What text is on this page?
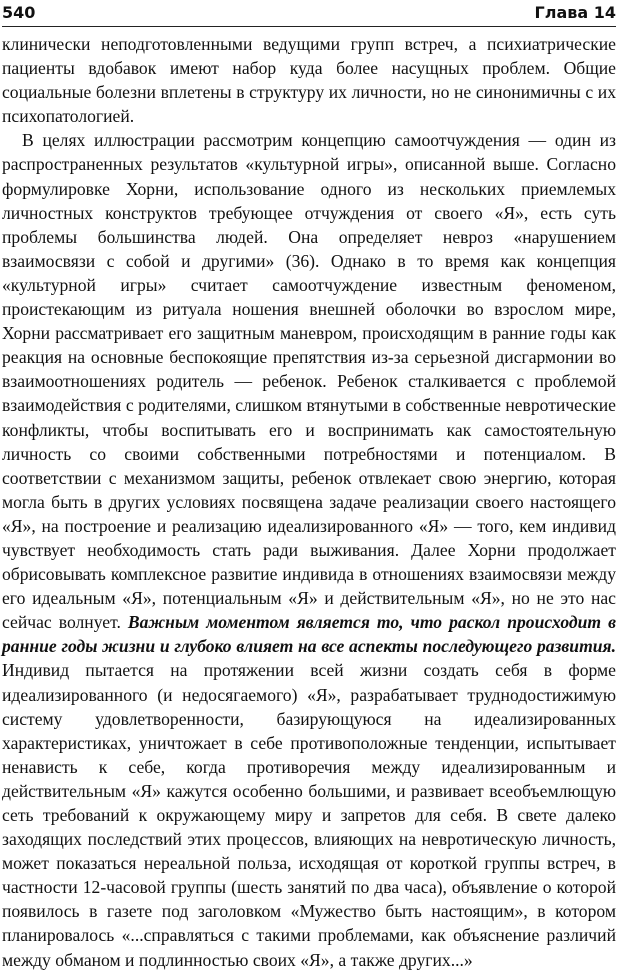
540	Глава 14

клинически неподготовленными ведущими групп встреч, а психиатрические пациенты вдобавок имеют набор куда более насущных проблем. Общие социальные болезни вплетены в структуру их личности, но не синонимичны с их психопатологией.

В целях иллюстрации рассмотрим концепцию самоотчуждения — один из распространенных результатов «культурной игры», описанной выше. Согласно формулировке Хорни, использование одного из нескольких приемлемых личностных конструктов требующее отчуждения от своего «Я», есть суть проблемы большинства людей. Она определяет невроз «нарушением взаимосвязи с собой и другими» (36). Однако в то время как концепция «культурной игры» считает самоотчуждение известным феноменом, проистекающим из ритуала ношения внешней оболочки во взрослом мире, Хорни рассматривает его защитным маневром, происходящим в ранние годы как реакция на основные беспокоящие препятствия из-за серьезной дисгармонии во взаимоотношениях родитель — ребенок. Ребенок сталкивается с проблемой взаимодействия с родителями, слишком втянутыми в собственные невротические конфликты, чтобы воспитывать его и воспринимать как самостоятельную личность со своими собственными потребностями и потенциалом. В соответствии с механизмом защиты, ребенок отвлекает свою энергию, которая могла быть в других условиях посвящена задаче реализации своего настоящего «Я», на построение и реализацию идеализированного «Я» — того, кем индивид чувствует необходимость стать ради выживания. Далее Хорни продолжает обрисовывать комплексное развитие индивида в отношениях взаимосвязи между его идеальным «Я», потенциальным «Я» и действительным «Я», но не это нас сейчас волнует. Важным моментом является то, что раскол происходит в ранние годы жизни и глубоко влияет на все аспекты последующего развития. Индивид пытается на протяжении всей жизни создать себя в форме идеализированного (и недосягаемого) «Я», разрабатывает труднодостижимую систему удовлетворенности, базирующуюся на идеализированных характеристиках, уничтожает в себе противоположные тенденции, испытывает ненависть к себе, когда противоречия между идеализированным и действительным «Я» кажутся особенно большими, и развивает всеобъемлющую сеть требований к окружающему миру и запретов для себя. В свете далеко заходящих последствий этих процессов, влияющих на невротическую личность, может показаться нереальной польза, исходящая от короткой группы встреч, в частности 12-часовой группы (шесть занятий по два часа), объявление о которой появилось в газете под заголовком «Мужество быть настоящим», в котором планировалось «...справляться с такими проблемами, как объяснение различий между обманом и подлинностью своих «Я», а также других...»
